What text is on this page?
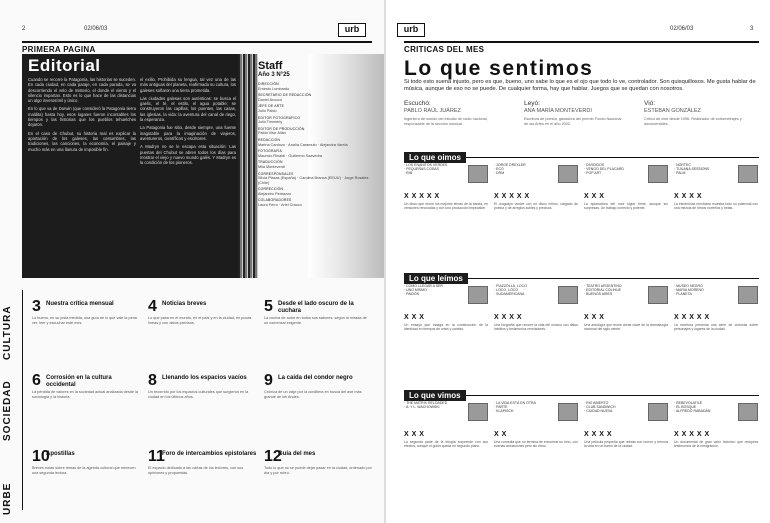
2	02/06/03	urb
PRIMERA PAGINA
Editorial

Cuando se recorre la Patagonia, las historias se suceden. En cada ciudad, en cada paraje, en cada parada, se va descorriendo el velo de misterio, el donde el viento y el silencio impartan. Esto es lo que hace de las distancias un algo inverosímil y único.

En lo que va de Darwin (que consideró la Patagonia tierra maldita) hasta hoy, esos lugares fueron incontables los tiempos y las historias que los pueblos tehuelches dejaron.

En el caso de Chubut, su historia real es explicar la aportación de los galeses, las costumbres, las tradiciones, las canciones, la economía, el paisaje y mucho más en una llanura de imposible fin.

el exilio. Prohibida su lengua, tal vez una de las más antiguas del planeta, reafirmada su cultura, los galeses soñaron una tierra prometida.

Las ciudades galesas son auténticas: se busca el gaelic, el té, el estilo, el agua potable; se construyeron las capillas, los puentes, las casas, las iglesias, la vida: la aventura del canal de riego, la esperanza.

La Patagonia fue sitio, desde siempre, una fuente inagotable para la imaginación de viajeros, aventureros, científicos y escritores.

A Madryn no se le escapa esta situación: Las puertas del Chubut se abren todos los días para mostrar el viejo y nuevo mundo galés. Y Madryn es la condición de los pioneros.

Staff
Año 3 N°25
DIRECCIÓN
Ernesto Lombardo
SECRETARIO DE REDACCIÓN
Daniel Arcucci
JEFE DE ARTE
Julio Pablo
EDITOR FOTOGRÁFICO
Julio Timmerly
EDITOR DE PRODUCCIÓN
Pablo Vitor Allán
REDACCIÓN
Marina Cardozo · Analía Caramuto · Alejandra Varela
FOTOGRAFÍA
Mauricio Rinaldi · Guillermo Saavedra
TRADUCCIÓN
Mila Monteverdi
CORRESPONSALES
Silvia Plazas (España) · Carolina Branca (EEUU) · Jorge Rosales (Chile)
CORRECCIÓN
Alejandro Pedrazzo
COLABORADORES
Laura Ferro · Ariel Cracco
URBE
SOCIEDAD
CULTURA 3 Nuestra crítica mensual
Lo bueno, en su justa medida, una guía de lo que vale la pena ver, leer y escuchar este mes.
4 Noticias breves
Lo que pasa en el mundo, en el país y en la ciudad, en pocas líneas y con datos precisos.
5 Desde el lado oscuro de la cuchara
La cocina de autor en todos sus sabores, según la mirada de un comensal exigente.
6 Corrosión en la cultura occidental
La pérdida de valores en la sociedad actual analizada desde la sociología y la historia.
8 Llenando los espacios vacíos
Un recorrido por los espacios culturales que surgieron en la ciudad en los últimos años.
9 La caída del condor negro
Crónica de un viaje por la cordillera en busca del ave más grande de los Andes.
10
Apostillas
Breves notas sobre temas de la agenda cultural que merecen una segunda lectura.
11
Foro de intercambios epistolares
El espacio dedicado a las cartas de los lectores, con sus opiniones y propuestas.
12
Guía del mes
Todo lo que no se puede dejar pasar en la ciudad, ordenado por día y por rubro.
02/06/03	3
urb
CRITICAS DEL MES
Lo que sentimos
Si todo esto suena injusto, pero es que, bueno, uno sabe lo que es el ojo que todo lo ve, controlador. Son quisquillosos. Me gusta hablar de música, aunque de eso no se puede. De cualquier forma, hay que hablar. Juegos que se quedan con nosotros.
Escuchó:
PABLO RAÚL JUÁREZ
Ingeniero de sonido del estudio de radio nacional, responsable de la sección musical.
Leyó:
ANA MARÍA MONTEVERDI
Escritora de poesía, ganadora del premio Fondo Nacional de las Artes en el año 2002.
Vió:
ESTEBAN GONZÁLEZ
Crítico de cine desde 1996. Realizador de cortometrajes y documentales.
Lo que oimos
· LOS ENANITOS VERDES
· PEQUEÑAS COSAS
· EMI
X X X X X
Un disco que reúne los mejores temas de la banda, en versiones renovadas y con una producción impecable.
· JORGE DREXLER
· ECO
· DRM
X X X X X
El uruguayo vuelve con un disco íntimo, cargado de poesía y de arreglos sutiles y precisos.
· DIVIDIDOS
· VENGO DEL PLACARD
· POP ART
X X X
La aplanadora del rock sigue firme, aunque sin sorpresas. Un trabajo correcto y potente.
· NORTEC
· TIJUANA SESSIONS
· PALM
X X X X
La electrónica mexicana muestra todo su potencial con una mezcla de ritmos norteños y beats.
Lo que leímos
· COMO LLEGAR A SER
· UNO MISMO
· PAIDÓS
X X X
Un ensayo que indaga en la construcción de la identidad en tiempos de crisis y cambio.
· PIAZZOLLA, LOCO
· LOCO, LOCO
· SUDAMERICANA
X X X X
Una biografía que recorre la vida del músico con datos inéditos y testimonios reveladores.
· TEATRO ARGENTINO
· EDITORIAL COLIHUE
· BUENOS AIRES
X X X
Una antología que reúne obras clave de la dramaturgia nacional del siglo veinte.
· MUSEO NEGRO
· MARIA MORENO
· PLANETA
X X X X X
La escritora presenta una serie de crónicas sobre personajes y lugares de la ciudad.
Lo que vimos
· THE MATRIX RELOADED
· A. Y L. WACHOWSKI
X X X
La segunda parte de la trilogía sorprende con sus efectos, aunque el guión queda en segundo plano.
· LA VIDA ESTÁ EN OTRA
· PARTE
· KLAPISCH
X X
Una comedia que no termina de encontrar su tono, con buenas actuaciones pero sin ritmo.
· RIO ABIERTO
· CLUB SANDWICH
· CIUDAD NUEVA
X X X X
Una película pequeña que retrata con humor y ternura la vida en un barrio de la ciudad.
· REBEVOLATILE
· EL BOSQUE
· ALFREDO RABADÁN
X X X X X
Un documental de gran valor histórico que recupera testimonios de la inmigración.
